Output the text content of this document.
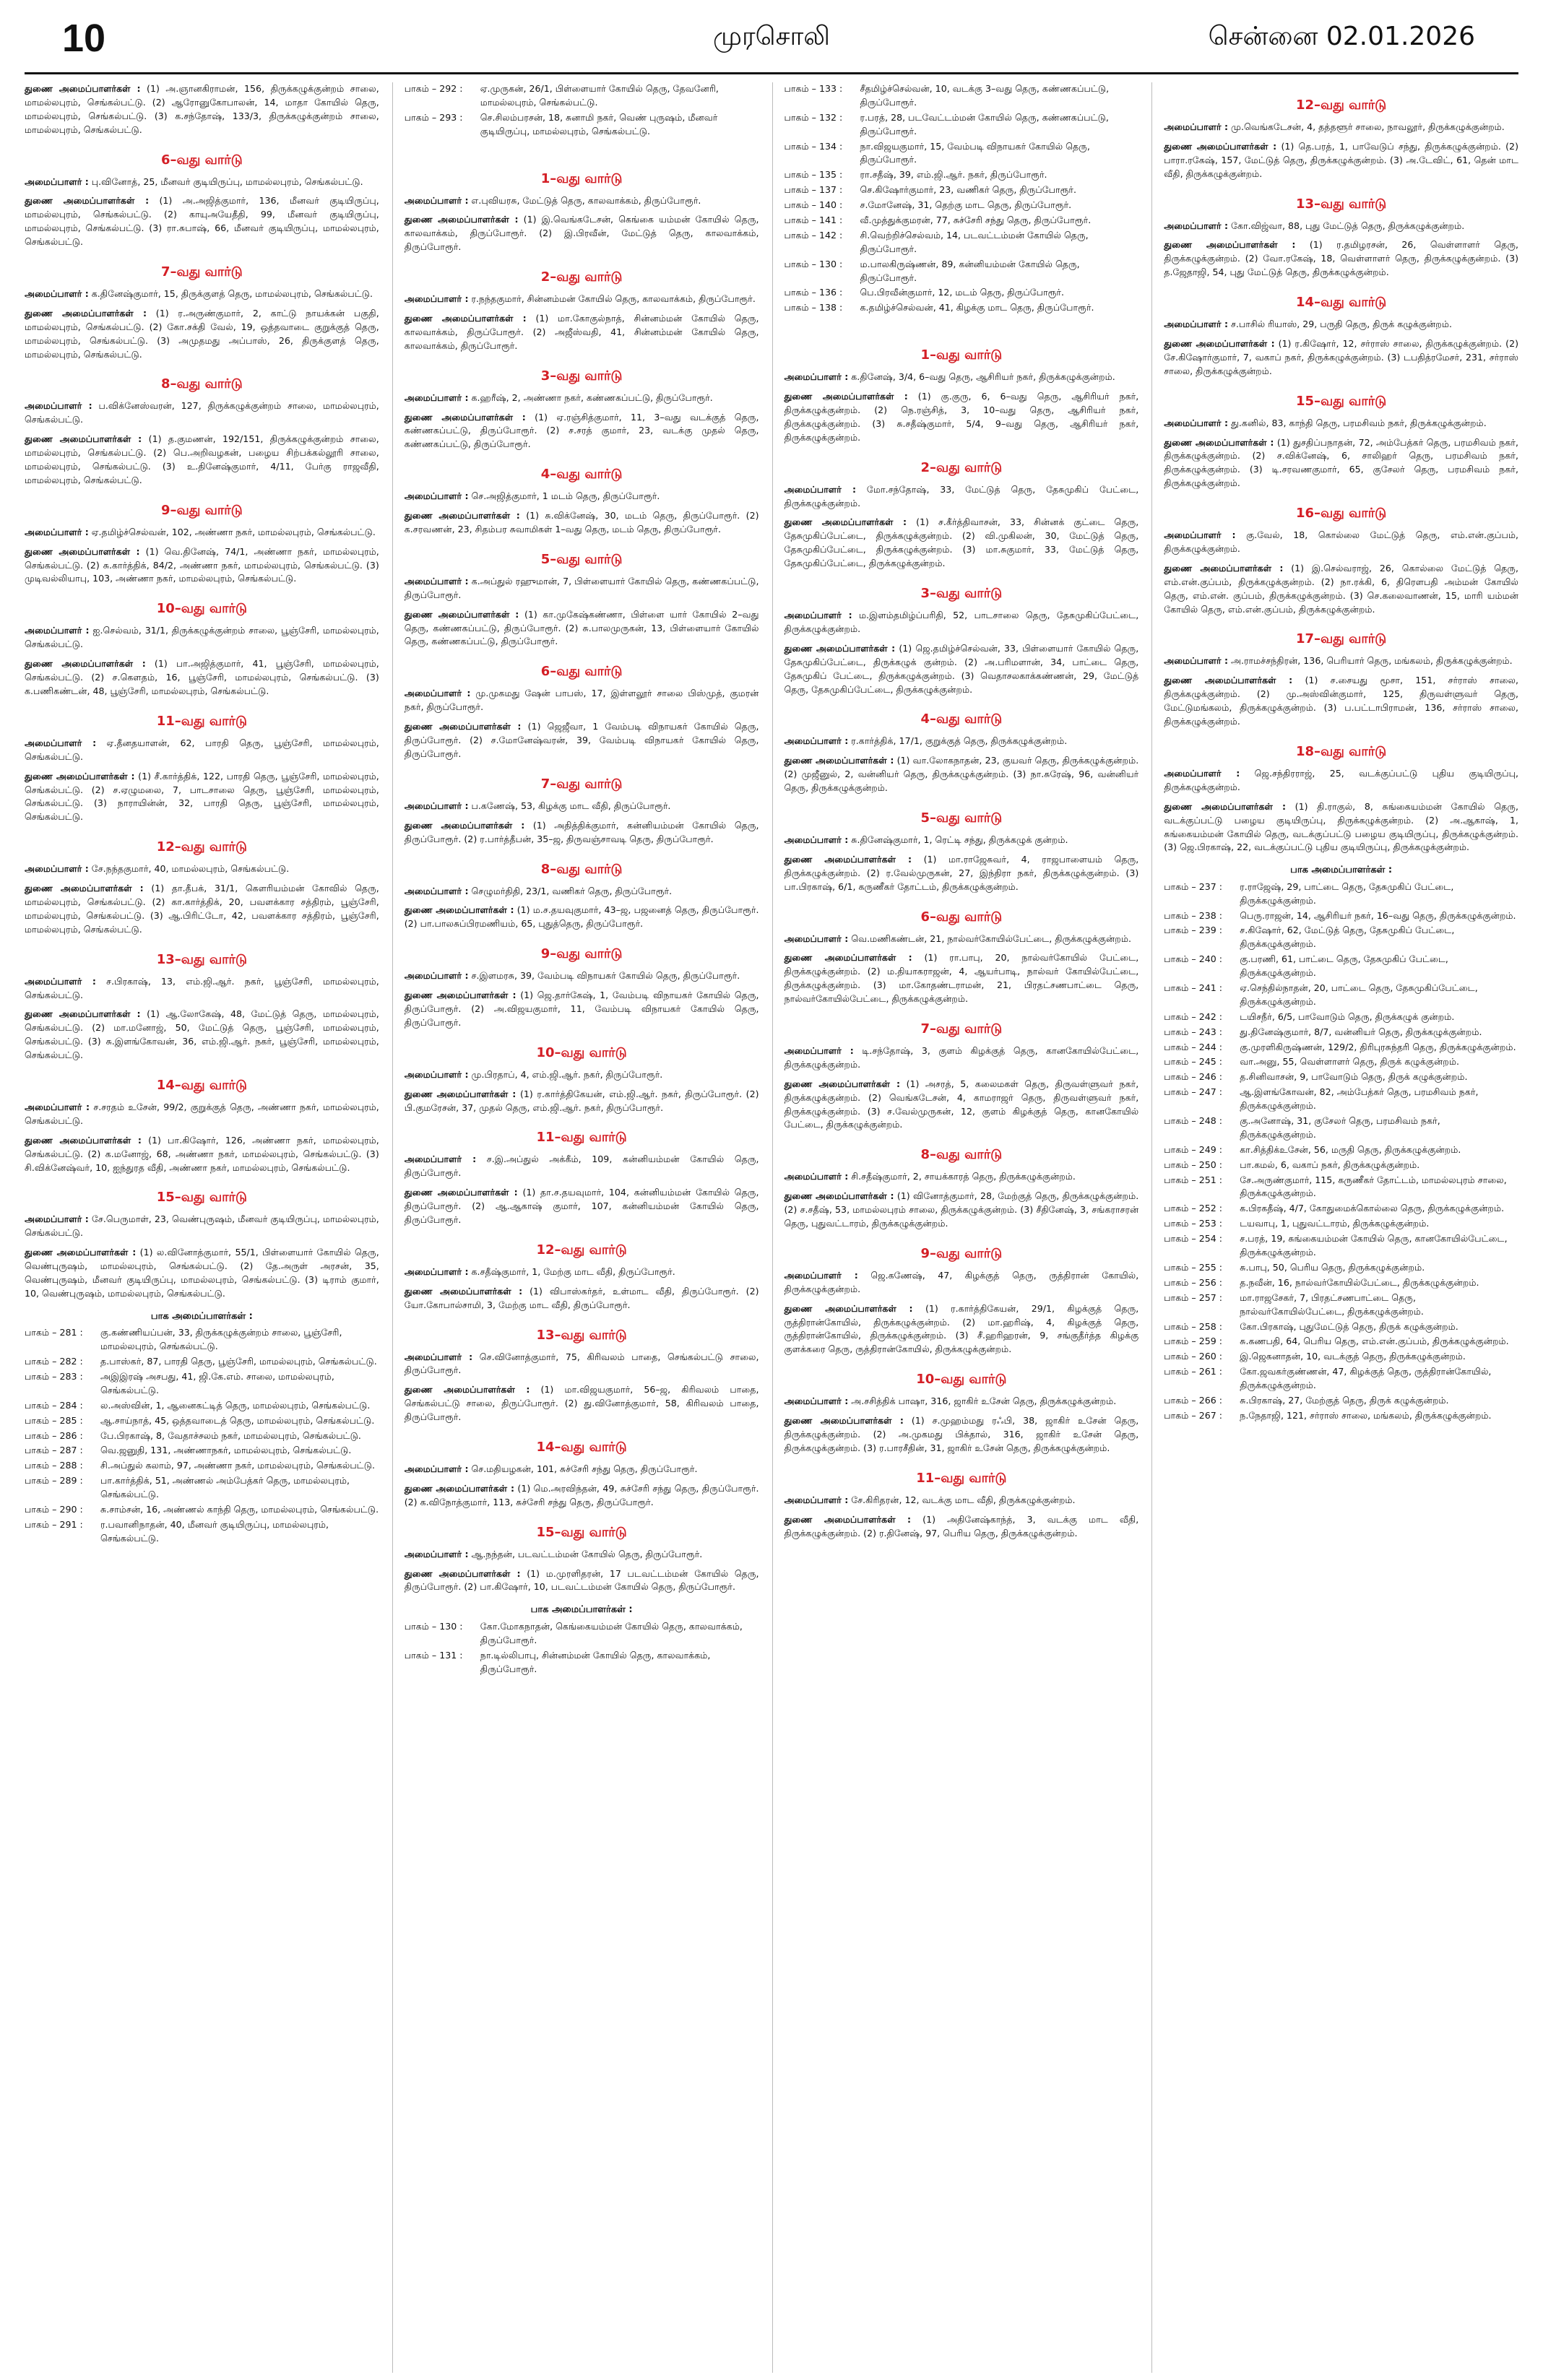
10	முரசொலி	சென்னை 02.01.2026
துணை அமைப்பாளர்கள் : (1) அ.ஞானகிராமன், 156, திருக்கழுக்குன்றம் சாலை, மாமல்லபுரம், செங்கல்பட்டு. (2) ஆரோனுகோபாலன், 14, மாதா கோயில் தெரு, மாமல்லபுரம், செங்கல்பட்டு. (3) க.சந்தோஷ், 133/3, திருக்கழுக்குன்றம் சாலை, மாமல்லபுரம், செங்கல்பட்டு.
6–வது வார்டு
அமைப்பாளர் : பு.வினோத், 25, மீனவர் குடியிருப்பு, மாமல்லபுரம், செங்கல்பட்டு.
துணை அமைப்பாளர்கள் : (1) அ.அஜித்குமார், 136, மீனவர் குடியிருப்பு, மாமல்லபுரம், செங்கல்பட்டு. (2) காயுஅயேதீதி, 99, மீனவர் குடியிருப்பு, மாமல்லபுரம், செங்கல்பட்டு. (3) ரா.சுபாஷ், 66, மீனவர் குடியிருப்பு, மாமல்லபுரம், செங்கல்பட்டு.
7–வது வார்டு
அமைப்பாளர் : க.தினேஷ்குமார், 15, திருக்குளத் தெரு, மாமல்லபுரம், செங்கல்பட்டு.
துணை அமைப்பாளர்கள் : (1) ர.அருண்குமார், 2, காட்டு நாயக்கன் பகுதி, மாமல்லபுரம், செங்கல்பட்டு. (2) கோ.சக்தி வேல், 19, ஒத்தவாடை குறுக்குத் தெரு, மாமல்லபுரம், செங்கல்பட்டு. (3) அமுதமது அப்பாஸ், 26, திருக்குளத் தெரு, மாமல்லபுரம், செங்கல்பட்டு.
8–வது வார்டு
அமைப்பாளர் : ப.விக்னேஸ்வரன், 127, திருக்கழுக்குன்றம் சாலை, மாமல்லபுரம், செங்கல்பட்டு.
துணை அமைப்பாளர்கள் : (1) த.குமணன், 192/151, திருக்கழுக்குன்றம் சாலை, மாமல்லபுரம், செங்கல்பட்டு. (2) பெ.அறிவழகன், பழைய சிற்பக்கல்லூரி சாலை, மாமல்லபுரம், செங்கல்பட்டு. (3) உ.தினேஷ்குமார், 4/11, பேர்கு ராஜவீதி, மாமல்லபுரம், செங்கல்பட்டு.
9–வது வார்டு
அமைப்பாளர் : ஏ.தமிழ்ச்செல்வன், 102, அண்ணா நகர், மாமல்லபுரம், செங்கல்பட்டு.
துணை அமைப்பாளர்கள் : (1) வெ.தினேஷ், 74/1, அண்ணா நகர், மாமல்லபுரம், செங்கல்பட்டு. (2) சு.கார்த்திக், 84/2, அண்ணா நகர், மாமல்லபுரம், செங்கல்பட்டு. (3) முடிவல்லியாபு, 103, அண்ணா நகர், மாமல்லபுரம், செங்கல்பட்டு.
10–வது வார்டு
அமைப்பாளர் : ஐ.செல்வம், 31/1, திருக்கழுக்குன்றம் சாலை, பூஞ்சேரி, மாமல்லபுரம், செங்கல்பட்டு.
துணை அமைப்பாளர்கள் : (1) பா.அஜித்குமார், 41, பூஞ்சேரி, மாமல்லபுரம், செங்கல்பட்டு. (2) ச.கௌதம், 16, பூஞ்சேரி, மாமல்லபுரம், செங்கல்பட்டு. (3) க.பணிகண்டன், 48, பூஞ்சேரி, மாமல்லபுரம், செங்கல்பட்டு.
11–வது வார்டு
அமைப்பாளர் : ஏ.தீனதயாளன், 62, பாரதி தெரு, பூஞ்சேரி, மாமல்லபுரம், செங்கல்பட்டு.
துணை அமைப்பாளர்கள் : (1) சீ.கார்த்திக், 122, பாரதி தெரு, பூஞ்சேரி, மாமல்லபுரம், செங்கல்பட்டு. (2) ச.ஏழுமலை, 7, பாடசாலை தெரு, பூஞ்சேரி, மாமல்லபுரம், செங்கல்பட்டு. (3) நாராயின்ன், 32, பாரதி தெரு, பூஞ்சேரி, மாமல்லபுரம், செங்கல்பட்டு.
12–வது வார்டு
அமைப்பாளர் : சே.நந்தகுமார், 40, மாமல்லபுரம், செங்கல்பட்டு.
துணை அமைப்பாளர்கள் : (1) தா.தீபக், 31/1, கௌரியம்மன் கோவில் தெரு, மாமல்லபுரம், செங்கல்பட்டு. (2) கா.கார்த்திக், 20, பவளக்கார சத்திரம், பூஞ்சேரி, மாமல்லபுரம், செங்கல்பட்டு. (3) ஆ.பிரிட்டோ, 42, பவளக்கார சத்திரம், பூஞ்சேரி, மாமல்லபுரம், செங்கல்பட்டு.
13–வது வார்டு
அமைப்பாளர் : ச.பிரகாஷ், 13, எம்.ஜி.ஆர். நகர், பூஞ்சேரி, மாமல்லபுரம், செங்கல்பட்டு.
துணை அமைப்பாளர்கள் : (1) ஆ.லோகேஷ், 48, மேட்டுத் தெரு, மாமல்லபுரம், செங்கல்பட்டு. (2) மா.மனோஜ், 50, மேட்டுத் தெரு, பூஞ்சேரி, மாமல்லபுரம், செங்கல்பட்டு. (3) சு.இளங்கோவன், 36, எம்.ஜி.ஆர். நகர், பூஞ்சேரி, மாமல்லபுரம், செங்கல்பட்டு.
14–வது வார்டு
அமைப்பாளர் : ச.சரதம் உசேன், 99/2, குறுக்குத் தெரு, அண்ணா நகர், மாமல்லபுரம், செங்கல்பட்டு.
துணை அமைப்பாளர்கள் : (1) பா.கிஷோர், 126, அண்ணா நகர், மாமல்லபுரம், செங்கல்பட்டு. (2) க.மனோஜ், 68, அண்ணா நகர், மாமல்லபுரம், செங்கல்பட்டு. (3) சி.விக்னேஷ்வர், 10, ஐந்துரத வீதி, அண்ணா நகர், மாமல்லபுரம், செங்கல்பட்டு.
15–வது வார்டு
அமைப்பாளர் : சே.பெருமாள், 23, வெண்புருஷம், மீனவர் குடியிருப்பு, மாமல்லபுரம், செங்கல்பட்டு.
துணை அமைப்பாளர்கள் : (1) ல.வினோத்குமார், 55/1, பிள்ளையார் கோயில் தெரு, வெண்புருஷம், மாமல்லபுரம், செங்கல்பட்டு. (2) தே.அருள் அரசன், 35, வெண்புருஷம், மீனவர் குடியிருப்பு, மாமல்லபுரம், செங்கல்பட்டு. (3) டிராம் குமார், 10, வெண்புருஷம், மாமல்லபுரம், செங்கல்பட்டு.
பாக அமைப்பாளர்கள் :
பாகம் – 281 :	கு.கண்ணியப்பன், 33, திருக்கழுக்குன்றம் சாலை, பூஞ்சேரி, மாமல்லபுரம், செங்கல்பட்டு.
பாகம் – 282 :	த.பாஸ்கர், 87, பாரதி தெரு, பூஞ்சேரி, மாமல்லபுரம், செங்கல்பட்டு.
பாகம் – 283 :	அஇஇரஷ் அசபது, 41, ஜி.கே.எம். சாலை, மாமல்லபுரம், செங்கல்பட்டு.
பாகம் – 284 :	ல.அஸ்வின், 1, ஆனைகட்டித் தெரு, மாமல்லபுரம், செங்கல்பட்டு.
பாகம் – 285 :	ஆ.சாய்நாத், 45, ஒத்தவாடைத் தெரு, மாமல்லபுரம், செங்கல்பட்டு.
பாகம் – 286 :	பே.பிரகாஷ், 8, வேதாச்சலம் நகர், மாமல்லபுரம், செங்கல்பட்டு.
பாகம் – 287 :	வெ.ஜனுதி, 131, அண்ணாநகர், மாமல்லபுரம், செங்கல்பட்டு.
பாகம் – 288 :	சி.அப்துல் கலாம், 97, அண்ணா நகர், மாமல்லபுரம், செங்கல்பட்டு.
பாகம் – 289 :	பா.கார்த்திக், 51, அண்ணல் அம்பேத்கர் தெரு, மாமல்லபுரம், செங்கல்பட்டு.
பாகம் – 290 :	சு.சாம்சன், 16, அண்ணல் காந்தி தெரு, மாமல்லபுரம், செங்கல்பட்டு.
பாகம் – 291 :	ர.பவானிநாதன், 40, மீனவர் குடியிருப்பு, மாமல்லபுரம், செங்கல்பட்டு.
பாகம் – 292 :	ஏ.முருகன், 26/1, பிள்ளையார் கோயில் தெரு, தேவனேரி, மாமல்லபுரம், செங்கல்பட்டு.
பாகம் – 293 :	செ.சிலம்பரசன், 18, சுனாமி நகர், வெண் புருஷம், மீனவர் குடியிருப்பு, மாமல்லபுரம், செங்கல்பட்டு.
1–வது வார்டு
அமைப்பாளர் : எ.புவியரசு, மேட்டுத் தெரு, காலவாக்கம், திருப்போரூர்.
துணை அமைப்பாளர்கள் : (1) இ.வெங்கடேசன், கெங்கை யம்மன் கோயில் தெரு, காலவாக்கம், திருப்போரூர். (2) இ.பிரவீன், மேட்டுத் தெரு, காலவாக்கம், திருப்போரூர்.
2–வது வார்டு
அமைப்பாளர் : ர.நந்தகுமார், சின்னம்மன் கோயில் தெரு, காலவாக்கம், திருப்போரூர்.
துணை அமைப்பாளர்கள் : (1) மா.கோகுல்நாத், சின்னம்மன் கோயில் தெரு, காலவாக்கம், திருப்போரூர். (2) அஜீஸ்வதி, 41, சின்னம்மன் கோயில் தெரு, காலவாக்கம், திருப்போரூர்.
3–வது வார்டு
அமைப்பாளர் : க.ஹரீஷ், 2, அண்ணா நகர், கண்ணகப்பட்டு, திருப்போரூர்.
துணை அமைப்பாளர்கள் : (1) ஏ.ரஞ்சித்குமார், 11, 3–வது வடக்குத் தெரு, கண்ணகப்பட்டு, திருப்போரூர். (2) ச.சரத் குமார், 23, வடக்கு முதல் தெரு, கண்ணகப்பட்டு, திருப்போரூர்.
4–வது வார்டு
அமைப்பாளர் : செ.அஜித்குமார், 1 மடம் தெரு, திருப்போரூர்.
துணை அமைப்பாளர்கள் : (1) சு.விக்னேஷ், 30, மடம் தெரு, திருப்போரூர். (2) க.சரவணன், 23, சிதம்பர சுவாமிகள் 1–வது தெரு, மடம் தெரு, திருப்போரூர்.
5–வது வார்டு
அமைப்பாளர் : க.அப்துல் ரஹுமான், 7, பிள்ளையார் கோயில் தெரு, கண்ணகப்பட்டு, திருப்போரூர்.
துணை அமைப்பாளர்கள் : (1) கா.முகேஷ்கண்ணா, பிள்ளை யார் கோயில் 2–வது தெரு, கண்ணகப்பட்டு, திருப்போரூர். (2) சு.பாலமுருகன், 13, பிள்ளையார் கோயில் தெரு, கண்ணகப்பட்டு, திருப்போரூர்.
6–வது வார்டு
அமைப்பாளர் : மு.முகமது ஷேன் பாபஸ், 17, இள்ளலூர் சாலை பிஸ்முத், குமரன் நகர், திருப்போரூர்.
துணை அமைப்பாளர்கள் : (1) ஜெஜீவா, 1 வேம்படி விநாயகர் கோயில் தெரு, திருப்போரூர். (2) ச.மோனேஷ்வரன், 39, வேம்படி விநாயகர் கோயில் தெரு, திருப்போரூர்.
7–வது வார்டு
அமைப்பாளர் : ப.கணேஷ், 53, கிழக்கு மாட வீதி, திருப்போரூர்.
துணை அமைப்பாளர்கள் : (1) அதித்திக்குமார், கன்னியம்மன் கோயில் தெரு, திருப்போரூர். (2) ர.பார்த்தீபன், 35–ஜ, திருவஞ்சாவடி தெரு, திருப்போரூர்.
8–வது வார்டு
அமைப்பாளர் : செழுமர்திதி, 23/1, வணிகர் தெரு, திருப்போரூர்.
துணை அமைப்பாளர்கள் : (1) ம.ச.தயவுகுமார், 43–ஜ, பஜனைத் தெரு, திருப்போரூர். (2) பா.பாலசுப்பிரமணியம், 65, புதுத்தெரு, திருப்போரூர்.
9–வது வார்டு
அமைப்பாளர் : ச.இளமரசு, 39, வேம்படி விநாயகர் கோயில் தெரு, திருப்போரூர்.
துணை அமைப்பாளர்கள் : (1) ஜெ.தார்கேஷ், 1, வேம்படி விநாயகர் கோயில் தெரு, திருப்போரூர். (2) அ.விஜயகுமார், 11, வேம்படி விநாயகர் கோயில் தெரு, திருப்போரூர்.
10–வது வார்டு
அமைப்பாளர் : மு.பிரதாப், 4, எம்.ஜி.ஆர். நகர், திருப்போரூர்.
துணை அமைப்பாளர்கள் : (1) ர.கார்த்திகேயன், எம்.ஜி.ஆர். நகர், திருப்போரூர். (2) பி.குமரேசன், 37, முதல் தெரு, எம்.ஜி.ஆர். நகர், திருப்போரூர்.
11–வது வார்டு
அமைப்பாளர் : ச.இ.அப்துல் அக்கீம், 109, கன்னியம்மன் கோயில் தெரு, திருப்போரூர்.
துணை அமைப்பாளர்கள் : (1) தா.ச.தயவுமார், 104, கன்னியம்மன் கோயில் தெரு, திருப்போரூர். (2) ஆ.ஆகாஷ் குமார், 107, கன்னியம்மன் கோயில் தெரு, திருப்போரூர்.
12–வது வார்டு
அமைப்பாளர் : க.சதீஷ்குமார், 1, மேற்கு மாட வீதி, திருப்போரூர்.
துணை அமைப்பாளர்கள் : (1) விபாஸ்கர்தர், உள்மாட வீதி, திருப்போரூர். (2) யோ.கோபால்சாமி, 3, மேற்கு மாட வீதி, திருப்போரூர்.
13–வது வார்டு
அமைப்பாளர் : செ.வினோத்குமார், 75, கிரிவலம் பாதை, செங்கல்பட்டு சாலை, திருப்போரூர்.
துணை அமைப்பாளர்கள் : (1) மா.விஜயகுமார், 56–ஜ, கிரிவலம் பாதை, செங்கல்பட்டு சாலை, திருப்போரூர். (2) து.வினோத்குமார், 58, கிரிவலம் பாதை, திருப்போரூர்.
14–வது வார்டு
அமைப்பாளர் : செ.மதியழகன், 101, சுச்சேரி சந்து தெரு, திருப்போரூர்.
துணை அமைப்பாளர்கள் : (1) மெ.அரவிந்தன், 49, சுச்சேரி சந்து தெரு, திருப்போரூர். (2) க.விநோத்குமார், 113, சுச்சேரி சந்து தெரு, திருப்போரூர்.
15–வது வார்டு
அமைப்பாளர் : ஆ.நந்தன், படவட்டம்மன் கோயில் தெரு, திருப்போரூர்.
துணை அமைப்பாளர்கள் : (1) ம.முரளிதரன், 17 படவட்டம்மன் கோயில் தெரு, திருப்போரூர். (2) பா.கிஷோர், 10, படவட்டம்மன் கோயில் தெரு, திருப்போரூர்.
பாக அமைப்பாளர்கள் :
பாகம் – 130 :	கோ.மோகநாதன், கெங்கையம்மன் கோயில் தெரு, காலவாக்கம், திருப்போரூர்.
பாகம் – 131 :	நா.டில்லிபாபு, சின்னம்மன் கோயில் தெரு, காலவாக்கம், திருப்போரூர்.
பாகம் – 133 :	சீதமிழ்ச்செல்வன், 10, வடக்கு 3–வது தெரு, கண்ணகப்பட்டு, திருப்போரூர்.
பாகம் – 132 :	ர.பரத், 28, படவேட்டம்மன் கோயில் தெரு, கண்ணகப்பட்டு, திருப்போரூர்.
பாகம் – 134 :	நா.விஜயகுமார், 15, வேம்படி விநாயகர் கோயில் தெரு, திருப்போரூர்.
பாகம் – 135 :	ரா.சதீஷ், 39, எம்.ஜி.ஆர். நகர், திருப்போரூர்.
பாகம் – 137 :	செ.கிஷோர்குமார், 23, வணிகர் தெரு, திருப்போரூர்.
பாகம் – 140 :	ச.மோனேஷ், 31, தெற்கு மாட தெரு, திருப்போரூர்.
பாகம் – 141 :	வீ.முத்துக்குமரன், 77, சுச்சேரி சந்து தெரு, திருப்போரூர்.
பாகம் – 142 :	சி.வெற்றிச்செல்வம், 14, படவட்டம்மன் கோயில் தெரு, திருப்போரூர்.
பாகம் – 130 :	ம.பாலகிருஷ்ணன், 89, கன்னியம்மன் கோயில் தெரு, திருப்போரூர்.
பாகம் – 136 :	பெ.பிரவீன்குமார், 12, மடம் தெரு, திருப்போரூர்.
பாகம் – 138 :	க.தமிழ்ச்செல்வன், 41, கிழக்கு மாட தெரு, திருப்போரூர்.
1–வது வார்டு
அமைப்பாளர் : க.தினேஷ், 3/4, 6–வது தெரு, ஆசிரியர் நகர், திருக்கழுக்குன்றம்.
துணை அமைப்பாளர்கள் : (1) கு.குரு, 6, 6–வது தெரு, ஆசிரியர் நகர், திருக்கழுக்குன்றம். (2) நெ.ரஞ்சித், 3, 10–வது தெரு, ஆசிரியர் நகர், திருக்கழுக்குன்றம். (3) சு.சதீஷ்குமார், 5/4, 9–வது தெரு, ஆசிரியர் நகர், திருக்கழுக்குன்றம்.
2–வது வார்டு
அமைப்பாளர் : மோ.சந்தோஷ், 33, மேட்டுத் தெரு, தேசுமுகிப் பேட்டை, திருக்கழுக்குன்றம்.
துணை அமைப்பாளர்கள் : (1) ச.கீர்த்திவாசன், 33, சின்னக் குட்டை தெரு, தேசுமுகிப்பேட்டை, திருக்கழுக்குன்றம். (2) வி.முகிலன், 30, மேட்டுத் தெரு, தேசுமுகிப்பேட்டை, திருக்கழுக்குன்றம். (3) மா.சுகுமார், 33, மேட்டுத் தெரு, தேசுமுகிப்பேட்டை, திருக்கழுக்குன்றம்.
3–வது வார்டு
அமைப்பாளர் : ம.இளம்தமிழ்ப்பரிதி, 52, பாடசாலை தெரு, தேசுமுகிப்பேட்டை, திருக்கழுக்குன்றம்.
துணை அமைப்பாளர்கள் : (1) ஜெ.தமிழ்ச்செல்வன், 33, பிள்ளையார் கோயில் தெரு, தேசுமுகிப்பேட்டை, திருக்கழுக் குன்றம். (2) அ.பரிமளான், 34, பாட்டை தெரு, தேசுமுகிப் பேட்டை, திருக்கழுக்குன்றம். (3) வெதாசலகாக்கண்ணன், 29, மேட்டுத் தெரு, தேசுமுகிப்பேட்டை, திருக்கழுக்குன்றம்.
4–வது வார்டு
அமைப்பாளர் : ர.கார்த்திக், 17/1, குறுக்குத் தெரு, திருக்கழுக்குன்றம்.
துணை அமைப்பாளர்கள் : (1) வா.லோகநாதன், 23, குயவர் தெரு, திருக்கழுக்குன்றம். (2) முஜீனுல், 2, வன்னியர் தெரு, திருக்கழுக்குன்றம். (3) நா.சுரேஷ், 96, வன்னியர் தெரு, திருக்கழுக்குன்றம்.
5–வது வார்டு
அமைப்பாளர் : சு.தினேஷ்குமார், 1, ரெட்டி சந்து, திருக்கழுக் குன்றம்.
துணை அமைப்பாளர்கள் : (1) மா.ராஜேசுவர், 4, ராஜபாளையம் தெரு, திருக்கழுக்குன்றம். (2) ர.வேல்முருகன், 27, இந்திரா நகர், திருக்கழுக்குன்றம். (3) பா.பிரகாஷ், 6/1, கருணீகர் தோட்டம், திருக்கழுக்குன்றம்.
6–வது வார்டு
அமைப்பாளர் : வெ.மணிகண்டன், 21, நால்வர்கோயில்பேட்டை, திருக்கழுக்குன்றம்.
துணை அமைப்பாளர்கள் : (1) ரா.பாபு, 20, நால்வர்கோயில் பேட்டை, திருக்கழுக்குன்றம். (2) ம.தியாகராஜன், 4, ஆயர்பாடி, நால்வர் கோயில்பேட்டை, திருக்கழுக்குன்றம். (3) மா.கோதண்டராமன், 21, பிரதட்சணபாட்டை தெரு, நால்வர்கோயில்பேட்டை, திருக்கழுக்குன்றம்.
7–வது வார்டு
அமைப்பாளர் : டி.சந்தோஷ், 3, குளம் கிழக்குத் தெரு, கானகோயில்பேட்டை, திருக்கழுக்குன்றம்.
துணை அமைப்பாளர்கள் : (1) அசரத், 5, கலைமகள் தெரு, திருவள்ளுவர் நகர், திருக்கழுக்குன்றம். (2) வெங்கடேசன், 4, காமராஜர் தெரு, திருவள்ளுவர் நகர், திருக்கழுக்குன்றம். (3) ச.வேல்முருகன், 12, குளம் கிழக்குத் தெரு, கானகோயில் பேட்டை, திருக்கழுக்குன்றம்.
8–வது வார்டு
அமைப்பாளர் : சி.சதீஷ்குமார், 2, சாயக்காரத் தெரு, திருக்கழுக்குன்றம்.
துணை அமைப்பாளர்கள் : (1) வினோத்குமார், 28, மேற்குத் தெரு, திருக்கழுக்குன்றம். (2) ச.சதீஷ், 53, மாமல்லபுரம் சாலை, திருக்கழுக்குன்றம். (3) சீதினேஷ், 3, சங்கராசரன் தெரு, புதுவட்டாரம், திருக்கழுக்குன்றம்.
9–வது வார்டு
அமைப்பாளர் : ஜெ.கணேஷ், 47, கிழக்குத் தெரு, ருத்திரான் கோயில், திருக்கழுக்குன்றம்.
துணை அமைப்பாளர்கள் : (1) ர.கார்த்திகேயன், 29/1, கிழக்குத் தெரு, ருத்திரான்கோயில், திருக்கழுக்குன்றம். (2) மா.ஹரிஷ், 4, கிழக்குத் தெரு, ருத்திரான்கோயில், திருக்கழுக்குன்றம். (3) சீ.ஹரிஹரன், 9, சங்குதீர்த்த கிழக்கு குளக்கரை தெரு, ருத்திரான்கோயில், திருக்கழுக்குன்றம்.
10–வது வார்டு
அமைப்பாளர் : அ.சசித்திக் பாஷா, 316, ஜாகிர் உசேன் தெரு, திருக்கழுக்குன்றம்.
துணை அமைப்பாளர்கள் : (1) ச.முஹம்மது ரஃபி, 38, ஜாகிர் உசேன் தெரு, திருக்கழுக்குன்றம். (2) அ.முகமது பிக்தால், 316, ஜாகிர் உசேன் தெரு, திருக்கழுக்குன்றம். (3) ர.பாரசீதின், 31, ஜாகிர் உசேன் தெரு, திருக்கழுக்குன்றம்.
11–வது வார்டு
அமைப்பாளர் : சே.கிரிதரன், 12, வடக்கு மாட வீதி, திருக்கழுக்குன்றம்.
துணை அமைப்பாளர்கள் : (1) அதினேஷ்காந்த், 3, வடக்கு மாட வீதி, திருக்கழுக்குன்றம். (2) ர.தினேஷ், 97, பெரிய தெரு, திருக்கழுக்குன்றம்.
12–வது வார்டு
அமைப்பாளர் : மு.வெங்கடேசன், 4, தத்தளூர் சாலை, நாவலூர், திருக்கழுக்குன்றம்.
துணை அமைப்பாளர்கள் : (1) தெ.பரத், 1, பாவேடுப் சந்து, திருக்கழுக்குன்றம். (2) பாரா.ரகேஷ், 157, மேட்டுத் தெரு, திருக்கழுக்குன்றம். (3) அ.டேவிட், 61, தென் மாட வீதி, திருக்கழுக்குன்றம்.
13–வது வார்டு
அமைப்பாளர் : கோ.விஜ்வா, 88, புது மேட்டுத் தெரு, திருக்கழுக்குன்றம்.
துணை அமைப்பாளர்கள் : (1) ர.தமிழரசன், 26, வெள்ளாளர் தெரு, திருக்கழுக்குன்றம். (2) வோ.ரகேஷ், 18, வெள்ளாளர் தெரு, திருக்கழுக்குன்றம். (3) த.ஜேதாஜி, 54, புது மேட்டுத் தெரு, திருக்கழுக்குன்றம்.
14–வது வார்டு
அமைப்பாளர் : ச.பாசில் ரியாஸ், 29, பருதி தெரு, திருக் கழுக்குன்றம்.
துணை அமைப்பாளர்கள் : (1) ர.கிஷோர், 12, சர்ராஸ் சாலை, திருக்கழுக்குன்றம். (2) சே.கிஷோர்குமார், 7, வகாப் நகர், திருக்கழுக்குன்றம். (3) டபதித்ரமேசர், 231, சர்ராஸ் சாலை, திருக்கழுக்குன்றம்.
15–வது வார்டு
அமைப்பாளர் : து.கனில், 83, காந்தி தெரு, பரமசிவம் நகர், திருக்கழுக்குன்றம்.
துணை அமைப்பாளர்கள் : (1) துசதிப்பநாதன், 72, அம்பேத்கர் தெரு, பரமசிவம் நகர், திருக்கழுக்குன்றம். (2) ச.விக்னேஷ், 6, சாலிஹர் தெரு, பரமசிவம் நகர், திருக்கழுக்குன்றம். (3) டி.சரவணகுமார், 65, குசேலர் தெரு, பரமசிவம் நகர், திருக்கழுக்குன்றம்.
16–வது வார்டு
அமைப்பாளர் : கு.வேல், 18, கொல்லை மேட்டுத் தெரு, எம்.என்.குப்பம், திருக்கழுக்குன்றம்.
துணை அமைப்பாளர்கள் : (1) இ.செல்வராஜ், 26, கொல்லை மேட்டுத் தெரு, எம்.என்.குப்பம், திருக்கழுக்குன்றம். (2) நா.ரக்கி, 6, திரௌபதி அம்மன் கோயில் தெரு, எம்.என். குப்பம், திருக்கழுக்குன்றம். (3) செ.கலைவாணன், 15, மாரி யம்மன் கோயில் தெரு, எம்.என்.குப்பம், திருக்கழுக்குன்றம்.
17–வது வார்டு
அமைப்பாளர் : அ.ராமச்சந்திரன், 136, பெரியார் தெரு, மங்கலம், திருக்கழுக்குன்றம்.
துணை அமைப்பாளர்கள் : (1) ச.சையது மூசா, 151, சர்ராஸ் சாலை, திருக்கழுக்குன்றம். (2) மு.அஸ்வின்குமார், 125, திருவள்ளுவர் தெரு, மேட்டுமங்கலம், திருக்கழுக்குன்றம். (3) ப.பட்டாபிராமன், 136, சர்ராஸ் சாலை, திருக்கழுக்குன்றம்.
18–வது வார்டு
அமைப்பாளர் : ஜெ.சந்திரராஜ், 25, வடக்குப்பட்டு புதிய குடியிருப்பு, திருக்கழுக்குன்றம்.
துணை அமைப்பாளர்கள் : (1) தி.ராகுல், 8, சுங்கையம்மன் கோயில் தெரு, வடக்குப்பட்டு பழைய குடியிருப்பு, திருக்கழுக்குன்றம். (2) அ.ஆகாஷ், 1, சுங்கையம்மன் கோயில் தெரு, வடக்குப்பட்டு பழைய குடியிருப்பு, திருக்கழுக்குன்றம். (3) ஜெ.பிரகாஷ், 22, வடக்குப்பட்டு புதிய குடியிருப்பு, திருக்கழுக்குன்றம்.
பாக அமைப்பாளர்கள் :
பாகம் – 237 :	ர.ராஜேஷ், 29, பாட்டை தெரு, தேசுமுகிப் பேட்டை, திருக்கழுக்குன்றம்.
பாகம் – 238 :	பெரு.ராஜன், 14, ஆசிரியர் நகர், 16–வது தெரு, திருக்கழுக்குன்றம்.
பாகம் – 239 :	ச.கிஷோர், 62, மேட்டுத் தெரு, தேசுமுகிப் பேட்டை, திருக்கழுக்குன்றம்.
பாகம் – 240 :	கு.பரணி, 61, பாட்டை தெரு, தேசுமுகிப் பேட்டை, திருக்கழுக்குன்றம்.
பாகம் – 241 :	ஏ.செந்தில்நாதன், 20, பாட்டை தெரு, தேசுமுகிப்பேட்டை, திருக்கழுக்குன்றம்.
பாகம் – 242 :	டயிசநீர், 6/5, பாவோடும் தெரு, திருக்கழுக் குன்றம்.
பாகம் – 243 :	து.தினேஷ்குமார், 8/7, வன்னியர் தெரு, திருக்கழுக்குன்றம்.
பாகம் – 244 :	கு.முரளிகிருஷ்ணன், 129/2, திரிபுரசுந்தரி தெரு, திருக்கழுக்குன்றம்.
பாகம் – 245 :	வா.அனு, 55, வெள்ளாளர் தெரு, திருக் கழுக்குன்றம்.
பாகம் – 246 :	த.சினிவாசன், 9, பாவோடும் தெரு, திருக் கழுக்குன்றம்.
பாகம் – 247 :	ஆ.இளங்கோவன், 82, அம்பேத்கர் தெரு, பரமசிவம் நகர், திருக்கழுக்குன்றம்.
பாகம் – 248 :	கு.அனோஷ், 31, குசேலர் தெரு, பரமசிவம் நகர், திருக்கழுக்குன்றம்.
பாகம் – 249 :	கா.சித்திக்உசேன், 56, மருதி தெரு, திருக்கழுக்குன்றம்.
பாகம் – 250 :	பா.கமல், 6, வகாப் நகர், திருக்கழுக்குன்றம்.
பாகம் – 251 :	சே.அருண்குமார், 115, கருணீகர் தோட்டம், மாமல்லபுரம் சாலை, திருக்கழுக்குன்றம்.
பாகம் – 252 :	க.பிரகதீஷ், 4/7, கோதுமைக்கொல்லை தெரு, திருக்கழுக்குன்றம்.
பாகம் – 253 :	டயவாபு, 1, புதுவட்டாரம், திருக்கழுக்குன்றம்.
பாகம் – 254 :	ச.பரத், 19, சுங்கையம்மன் கோயில் தெரு, கானகோயில்பேட்டை, திருக்கழுக்குன்றம்.
பாகம் – 255 :	சு.பாபு, 50, பெரிய தெரு, திருக்கழுக்குன்றம்.
பாகம் – 256 :	த.நவீன், 16, நால்வர்கோயில்பேட்டை, திருக்கழுக்குன்றம்.
பாகம் – 257 :	மா.ராஜசேகர், 7, பிரதட்சணபாட்டை தெரு, நால்வர்கோயில்பேட்டை, திருக்கழுக்குன்றம்.
பாகம் – 258 :	கோ.பிரகாஷ், புதுமேட்டுத் தெரு, திருக் கழுக்குன்றம்.
பாகம் – 259 :	சு.கணபதி, 64, பெரிய தெரு, எம்.என்.குப்பம், திருக்கழுக்குன்றம்.
பாகம் – 260 :	இ.ஜெகனாதன், 10, வடக்குத் தெரு, திருக்கழுக்குன்றம்.
பாகம் – 261 :	கோ.ஜவகர்குண்ணன், 47, கிழக்குத் தெரு, ருத்திரான்கோயில், திருக்கழுக்குன்றம்.
பாகம் – 266 :	சு.பிரகாஷ், 27, மேற்குத் தெரு, திருக் கழுக்குன்றம்.
பாகம் – 267 :	ந.நேதாஜி, 121, சர்ராஸ் சாலை, மங்கலம், திருக்கழுக்குன்றம்.
